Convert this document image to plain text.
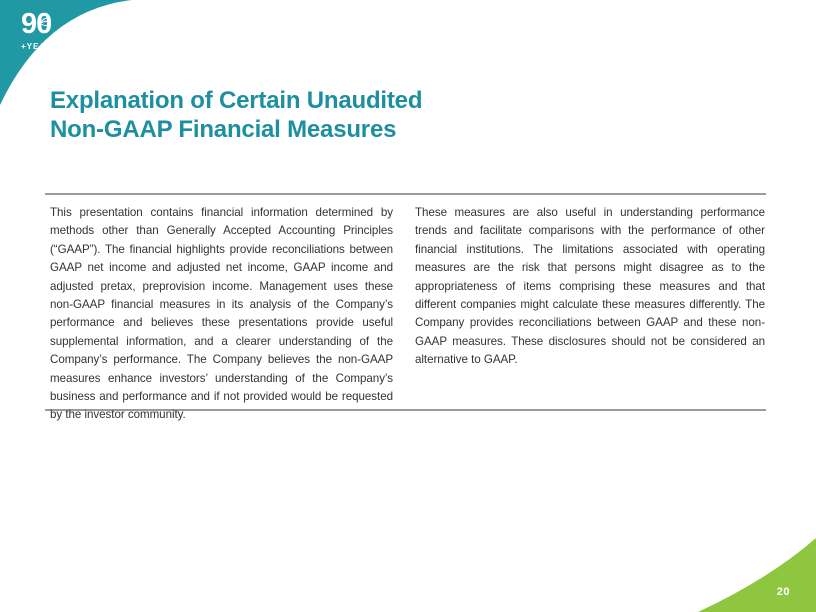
90
+YEARS
Explanation of Certain Unaudited
Non-GAAP Financial Measures

This presentation contains financial information determined by methods other than Generally Accepted Accounting Principles (“GAAP”). The financial highlights provide reconciliations between GAAP net income and adjusted net income, GAAP income and adjusted pretax, preprovision income. Management uses these non-GAAP financial measures in its analysis of the Company’s performance and believes these presentations provide useful supplemental information, and a clearer understanding of the Company’s performance. The Company believes the non-GAAP measures enhance investors’ understanding of the Company’s business and performance and if not provided would be requested by the investor community.

These measures are also useful in understanding performance trends and facilitate comparisons with the performance of other financial institutions. The limitations associated with operating measures are the risk that persons might disagree as to the appropriateness of items comprising these measures and that different companies might calculate these measures differently. The Company provides reconciliations between GAAP and these non-GAAP measures. These disclosures should not be considered an alternative to GAAP.

20
